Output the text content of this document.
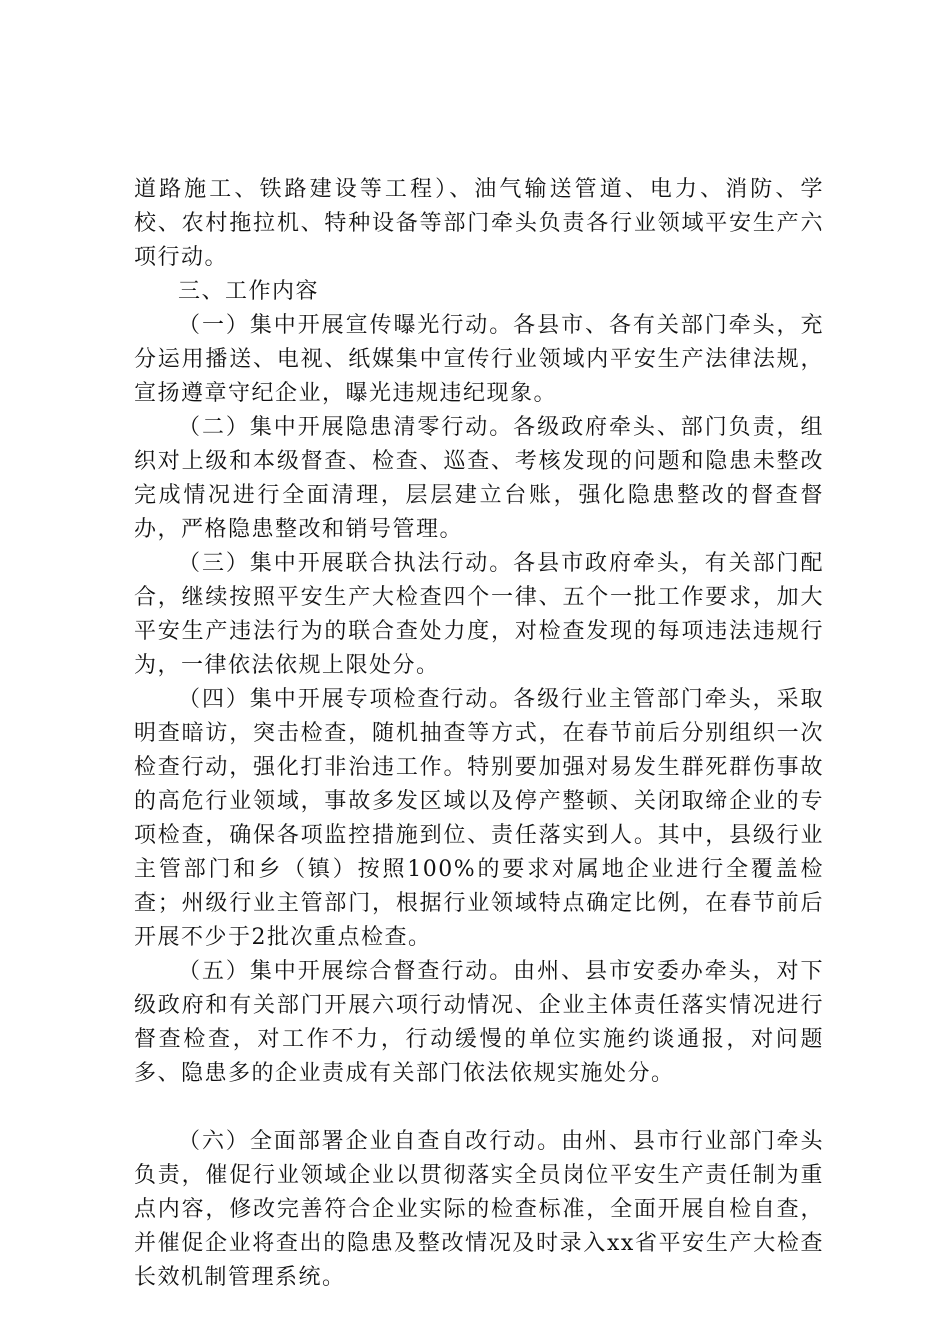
道路施工、铁路建设等工程）、油气输送管道、电力、消防、学校、农村拖拉机、特种设备等部门牵头负责各行业领域平安生产六项行动。

三、工作内容

（一）集中开展宣传曝光行动。各县市、各有关部门牵头，充分运用播送、电视、纸媒集中宣传行业领域内平安生产法律法规，宣扬遵章守纪企业，曝光违规违纪现象。

（二）集中开展隐患清零行动。各级政府牵头、部门负责，组织对上级和本级督查、检查、巡查、考核发现的问题和隐患未整改完成情况进行全面清理，层层建立台账，强化隐患整改的督查督办，严格隐患整改和销号管理。

（三）集中开展联合执法行动。各县市政府牵头，有关部门配合，继续按照平安生产大检查四个一律、五个一批工作要求，加大平安生产违法行为的联合查处力度，对检查发现的每项违法违规行为，一律依法依规上限处分。

（四）集中开展专项检查行动。各级行业主管部门牵头，采取明查暗访，突击检查，随机抽查等方式，在春节前后分别组织一次检查行动，强化打非治违工作。特别要加强对易发生群死群伤事故的高危行业领域，事故多发区域以及停产整顿、关闭取缔企业的专项检查，确保各项监控措施到位、责任落实到人。其中，县级行业主管部门和乡（镇）按照100%的要求对属地企业进行全覆盖检查；州级行业主管部门，根据行业领域特点确定比例，在春节前后开展不少于2批次重点检查。

（五）集中开展综合督查行动。由州、县市安委办牵头，对下级政府和有关部门开展六项行动情况、企业主体责任落实情况进行督查检查，对工作不力，行动缓慢的单位实施约谈通报，对问题多、隐患多的企业责成有关部门依法依规实施处分。

（六）全面部署企业自查自改行动。由州、县市行业部门牵头负责，催促行业领域企业以贯彻落实全员岗位平安生产责任制为重点内容，修改完善符合企业实际的检查标准，全面开展自检自查，并催促企业将查出的隐患及整改情况及时录入xx省平安生产大检查长效机制管理系统。
